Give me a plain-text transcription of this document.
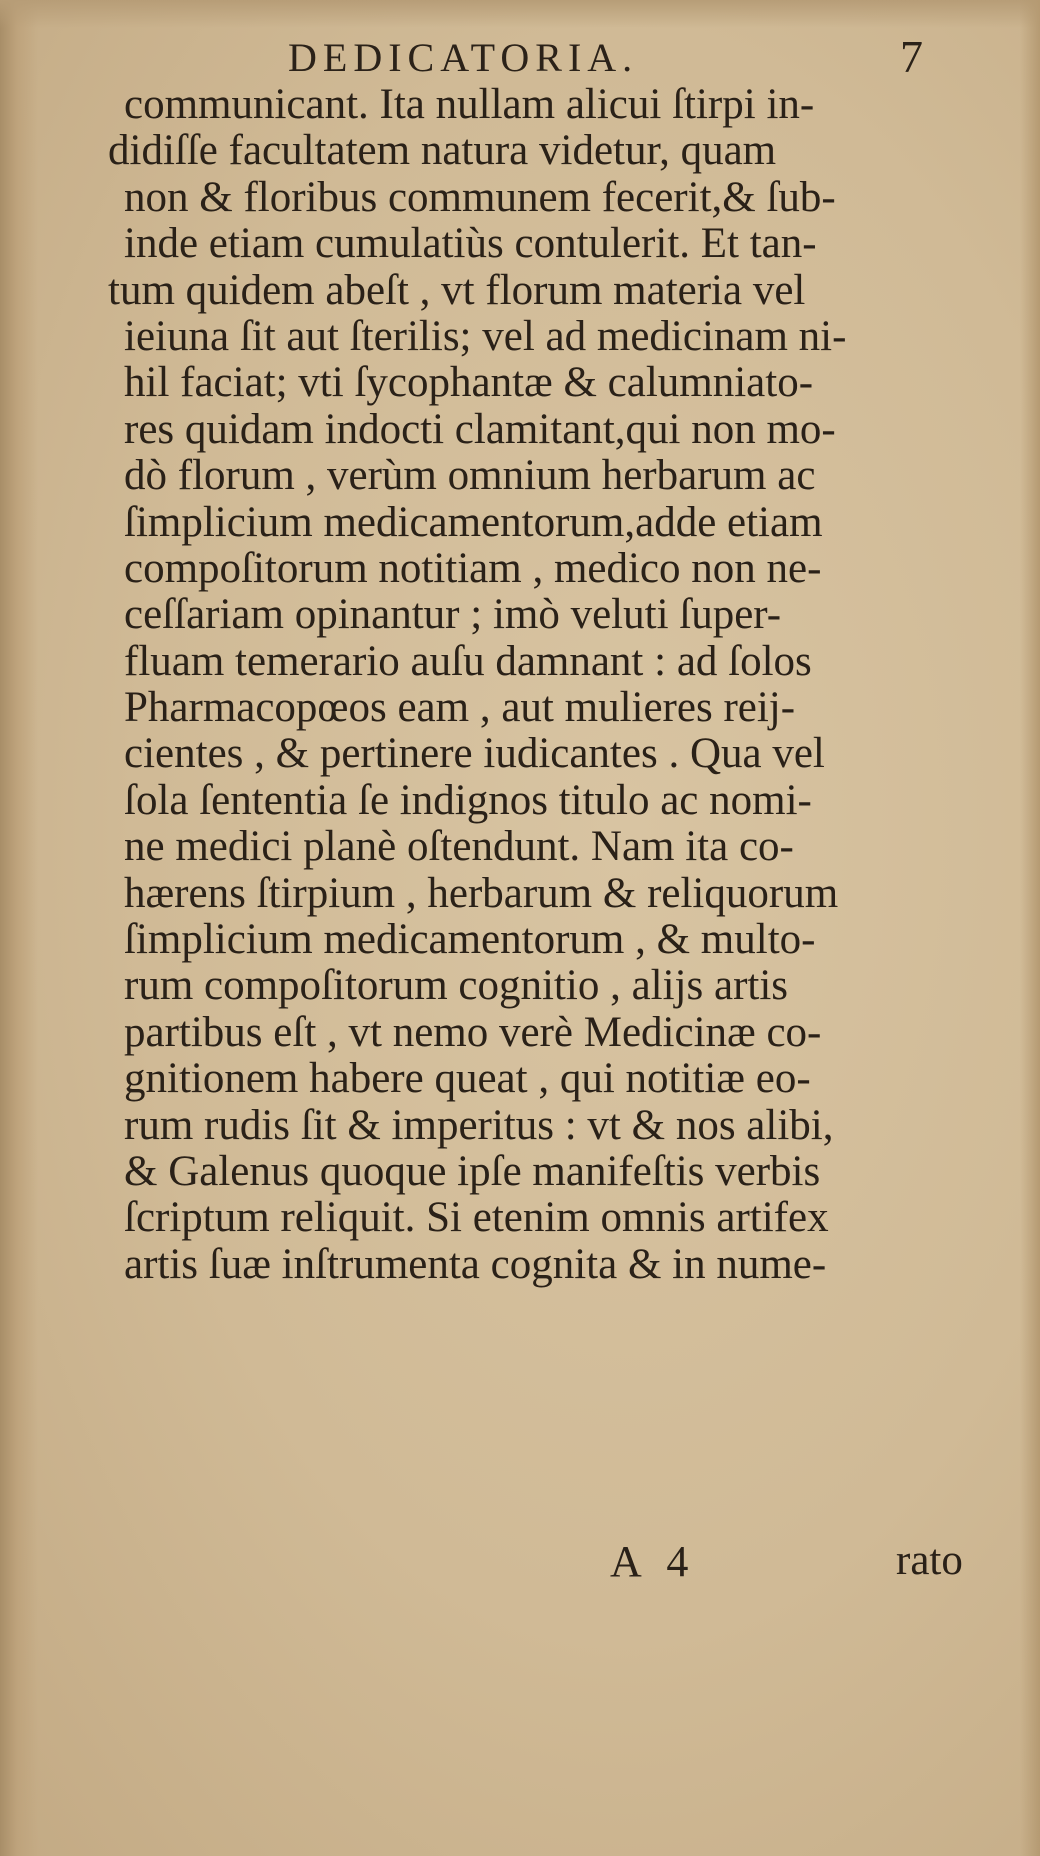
DEDICATORIA.	7
communicant. Ita nullam alicui ſtirpi in-
didiſſe facultatem natura videtur, quam
non & floribus communem fecerit,& ſub-
inde etiam cumulatiùs contulerit. Et tan-
tum quidem abeſt , vt florum materia vel
ieiuna ſit aut ſterilis; vel ad medicinam ni-
hil faciat; vti ſycophantæ & calumniato-
res quidam indocti clamitant,qui non mo-
dò florum , verùm omnium herbarum ac
ſimplicium medicamentorum,adde etiam
compoſitorum notitiam , medico non ne-
ceſſariam opinantur ; imò veluti ſuper-
fluam temerario auſu damnant : ad ſolos
Pharmacopœos eam , aut mulieres reij-
cientes , & pertinere iudicantes . Qua vel
ſola ſententia ſe indignos titulo ac nomi-
ne medici planè oſtendunt. Nam ita co-
hærens ſtirpium , herbarum & reliquorum
ſimplicium medicamentorum , & multo-
rum compoſitorum cognitio , alijs artis
partibus eſt , vt nemo verè Medicinæ co-
gnitionem habere queat , qui notitiæ eo-
rum rudis ſit & imperitus : vt & nos alibi,
& Galenus quoque ipſe manifeſtis verbis
ſcriptum reliquit. Si etenim omnis artifex
artis ſuæ inſtrumenta cognita & in nume-
A 4	rato
